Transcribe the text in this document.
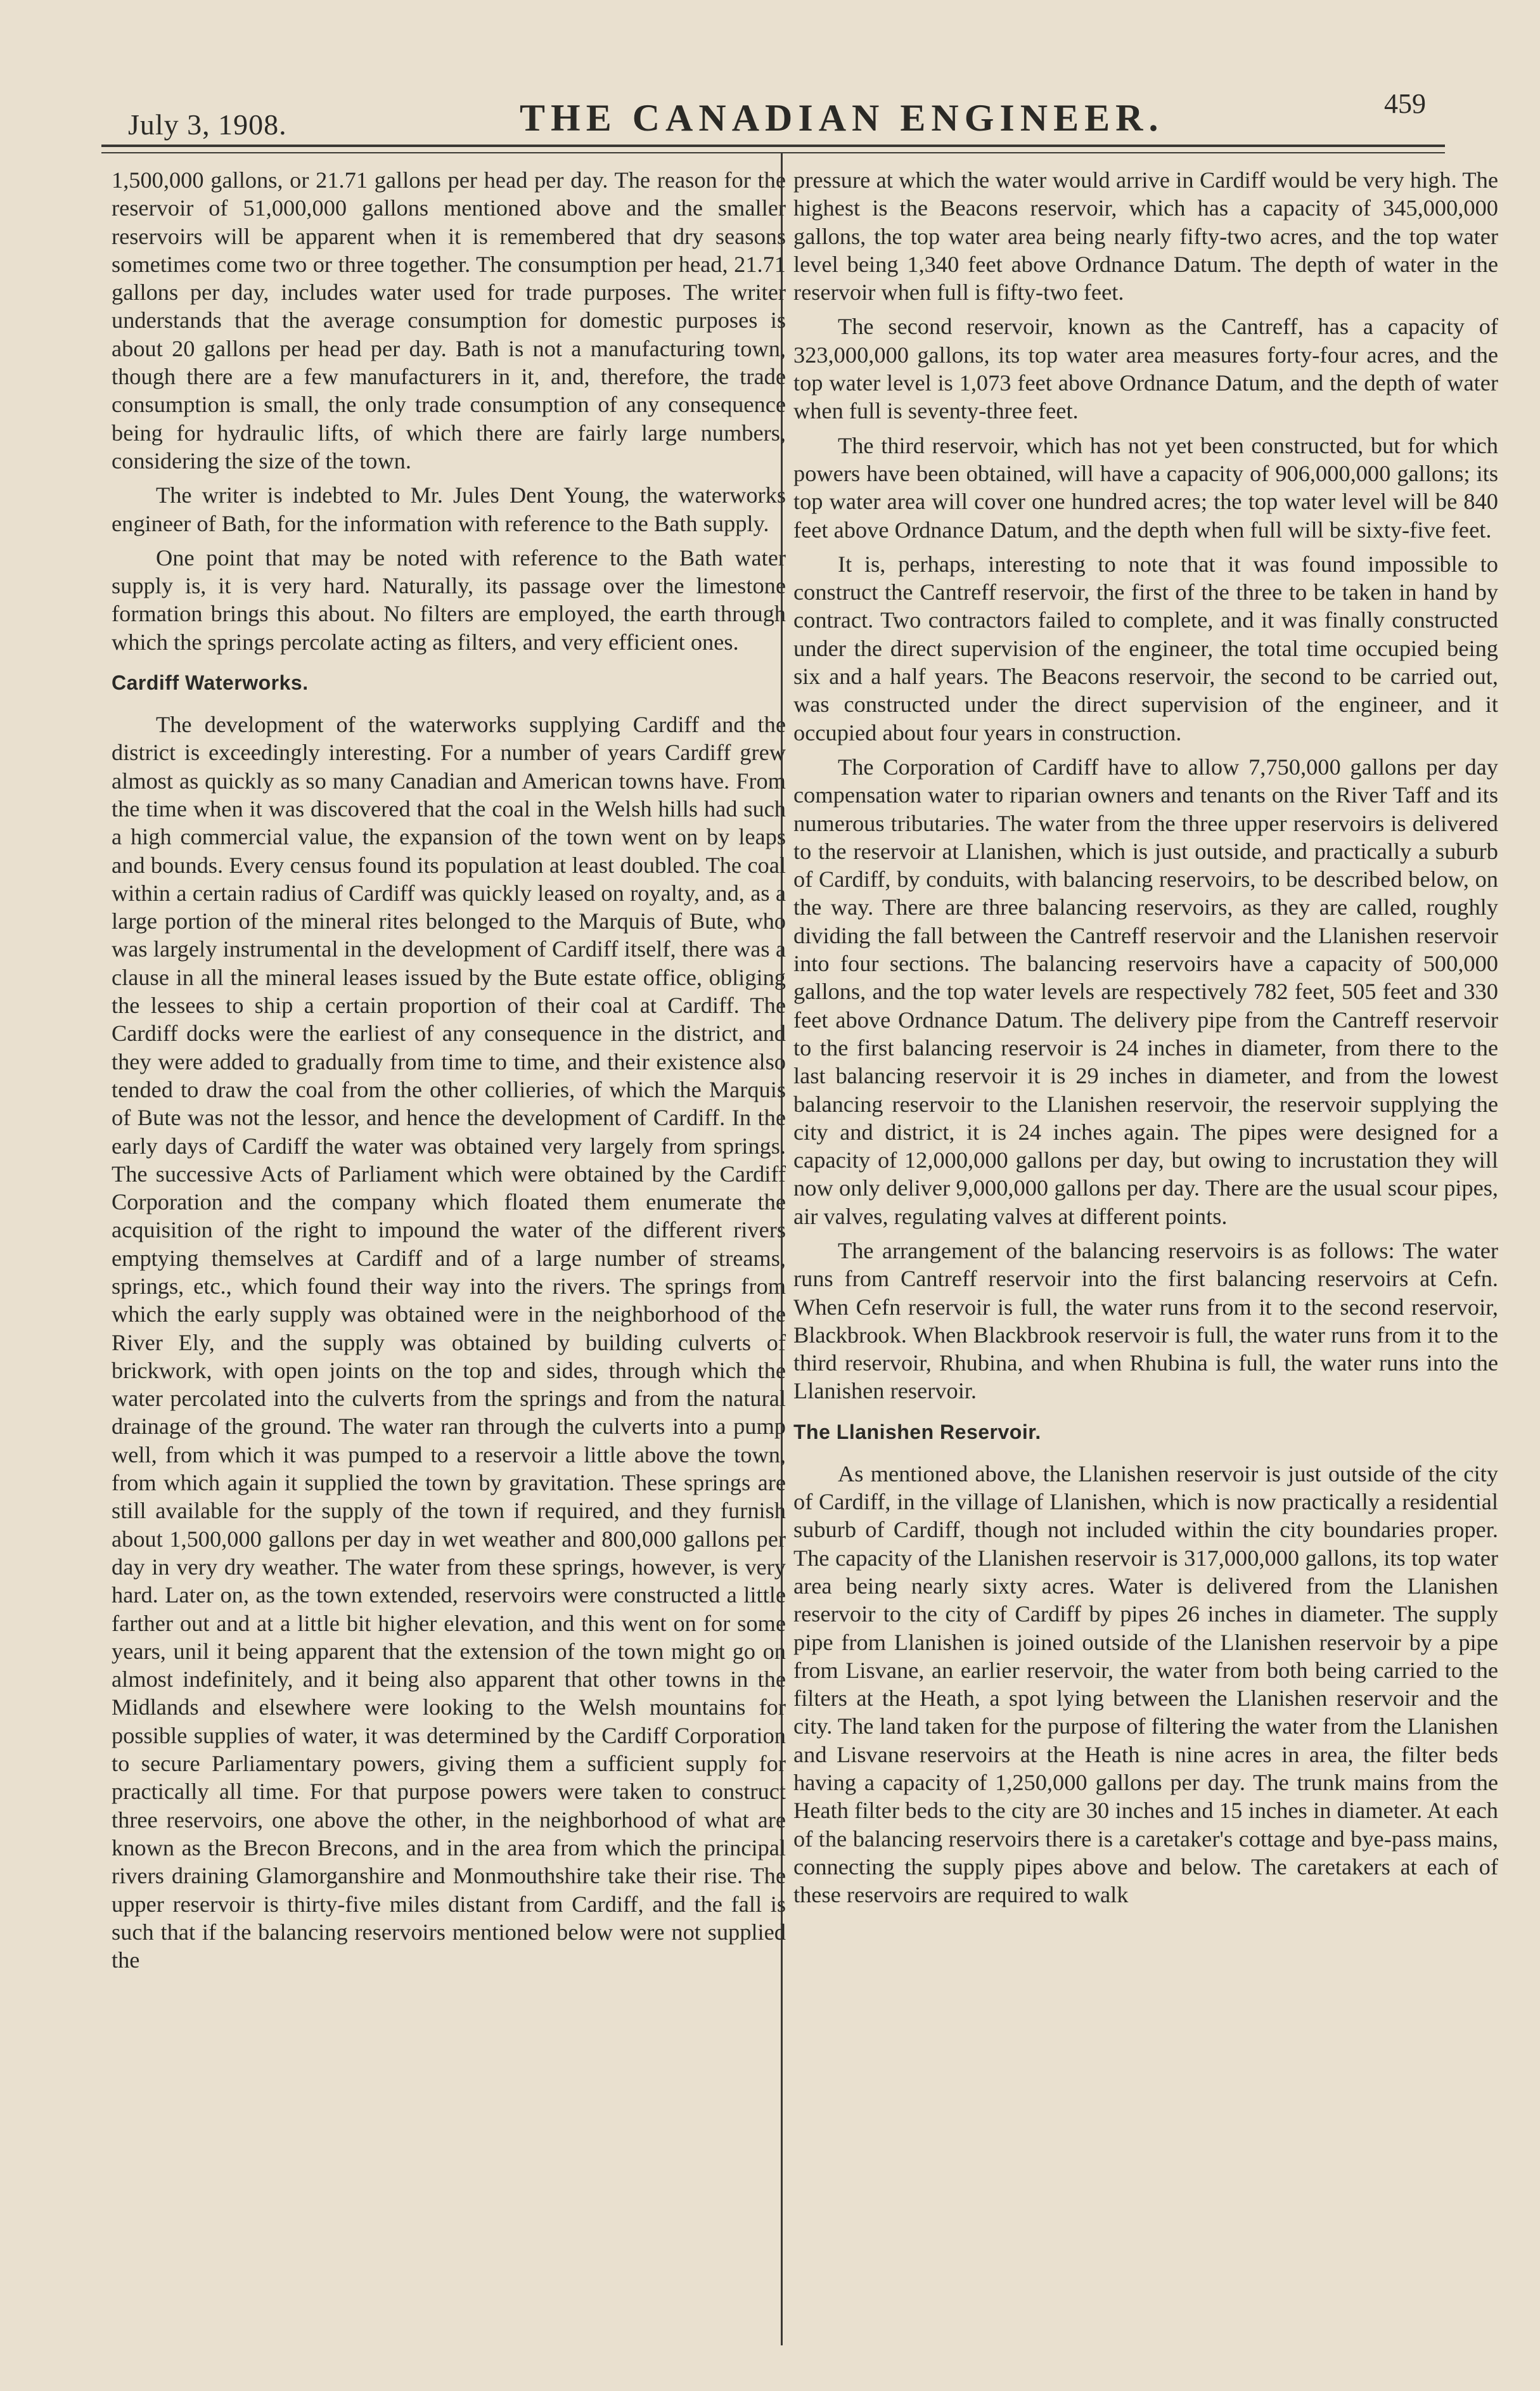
July 3, 1908.	THE CANADIAN ENGINEER.	459

1,500,000 gallons, or 21.71 gallons per head per day. The reason for the reservoir of 51,000,000 gallons mentioned above and the smaller reservoirs will be apparent when it is remembered that dry seasons sometimes come two or three together. The consumption per head, 21.71 gallons per day, includes water used for trade purposes. The writer understands that the average consumption for domestic purposes is about 20 gallons per head per day. Bath is not a manufacturing town, though there are a few manufacturers in it, and, therefore, the trade consumption is small, the only trade consumption of any consequence being for hydraulic lifts, of which there are fairly large numbers, considering the size of the town.

The writer is indebted to Mr. Jules Dent Young, the waterworks engineer of Bath, for the information with reference to the Bath supply.

One point that may be noted with reference to the Bath water supply is, it is very hard. Naturally, its passage over the limestone formation brings this about. No filters are employed, the earth through which the springs percolate acting as filters, and very efficient ones.

Cardiff Waterworks.

The development of the waterworks supplying Cardiff and the district is exceedingly interesting. For a number of years Cardiff grew almost as quickly as so many Canadian and American towns have. From the time when it was discovered that the coal in the Welsh hills had such a high commercial value, the expansion of the town went on by leaps and bounds. Every census found its population at least doubled. The coal within a certain radius of Cardiff was quickly leased on royalty, and, as a large portion of the mineral rites belonged to the Marquis of Bute, who was largely instrumental in the development of Cardiff itself, there was a clause in all the mineral leases issued by the Bute estate office, obliging the lessees to ship a certain proportion of their coal at Cardiff. The Cardiff docks were the earliest of any consequence in the district, and they were added to gradually from time to time, and their existence also tended to draw the coal from the other collieries, of which the Marquis of Bute was not the lessor, and hence the development of Cardiff. In the early days of Cardiff the water was obtained very largely from springs. The successive Acts of Parliament which were obtained by the Cardiff Corporation and the company which floated them enumerate the acquisition of the right to impound the water of the different rivers emptying themselves at Cardiff and of a large number of streams, springs, etc., which found their way into the rivers. The springs from which the early supply was obtained were in the neighborhood of the River Ely, and the supply was obtained by building culverts of brickwork, with open joints on the top and sides, through which the water percolated into the culverts from the springs and from the natural drainage of the ground. The water ran through the culverts into a pump well, from which it was pumped to a reservoir a little above the town, from which again it supplied the town by gravitation. These springs are still available for the supply of the town if required, and they furnish about 1,500,000 gallons per day in wet weather and 800,000 gallons per day in very dry weather. The water from these springs, however, is very hard. Later on, as the town extended, reservoirs were constructed a little farther out and at a little bit higher elevation, and this went on for some years, unil it being apparent that the extension of the town might go on almost indefinitely, and it being also apparent that other towns in the Midlands and elsewhere were looking to the Welsh mountains for possible supplies of water, it was determined by the Cardiff Corporation to secure Parliamentary powers, giving them a sufficient supply for practically all time. For that purpose powers were taken to construct three reservoirs, one above the other, in the neighborhood of what are known as the Brecon Brecons, and in the area from which the principal rivers draining Glamorganshire and Monmouthshire take their rise. The upper reservoir is thirty-five miles distant from Cardiff, and the fall is such that if the balancing reservoirs mentioned below were not supplied the

pressure at which the water would arrive in Cardiff would be very high. The highest is the Beacons reservoir, which has a capacity of 345,000,000 gallons, the top water area being nearly fifty-two acres, and the top water level being 1,340 feet above Ordnance Datum. The depth of water in the reservoir when full is fifty-two feet.

The second reservoir, known as the Cantreff, has a capacity of 323,000,000 gallons, its top water area measures forty-four acres, and the top water level is 1,073 feet above Ordnance Datum, and the depth of water when full is seventy-three feet.

The third reservoir, which has not yet been constructed, but for which powers have been obtained, will have a capacity of 906,000,000 gallons; its top water area will cover one hundred acres; the top water level will be 840 feet above Ordnance Datum, and the depth when full will be sixty-five feet.

It is, perhaps, interesting to note that it was found impossible to construct the Cantreff reservoir, the first of the three to be taken in hand by contract. Two contractors failed to complete, and it was finally constructed under the direct supervision of the engineer, the total time occupied being six and a half years. The Beacons reservoir, the second to be carried out, was constructed under the direct supervision of the engineer, and it occupied about four years in construction.

The Corporation of Cardiff have to allow 7,750,000 gallons per day compensation water to riparian owners and tenants on the River Taff and its numerous tributaries. The water from the three upper reservoirs is delivered to the reservoir at Llanishen, which is just outside, and practically a suburb of Cardiff, by conduits, with balancing reservoirs, to be described below, on the way. There are three balancing reservoirs, as they are called, roughly dividing the fall between the Cantreff reservoir and the Llanishen reservoir into four sections. The balancing reservoirs have a capacity of 500,000 gallons, and the top water levels are respectively 782 feet, 505 feet and 330 feet above Ordnance Datum. The delivery pipe from the Cantreff reservoir to the first balancing reservoir is 24 inches in diameter, from there to the last balancing reservoir it is 29 inches in diameter, and from the lowest balancing reservoir to the Llanishen reservoir, the reservoir supplying the city and district, it is 24 inches again. The pipes were designed for a capacity of 12,000,000 gallons per day, but owing to incrustation they will now only deliver 9,000,000 gallons per day. There are the usual scour pipes, air valves, regulating valves at different points.

The arrangement of the balancing reservoirs is as follows: The water runs from Cantreff reservoir into the first balancing reservoirs at Cefn. When Cefn reservoir is full, the water runs from it to the second reservoir, Blackbrook. When Blackbrook reservoir is full, the water runs from it to the third reservoir, Rhubina, and when Rhubina is full, the water runs into the Llanishen reservoir.

The Llanishen Reservoir.

As mentioned above, the Llanishen reservoir is just outside of the city of Cardiff, in the village of Llanishen, which is now practically a residential suburb of Cardiff, though not included within the city boundaries proper. The capacity of the Llanishen reservoir is 317,000,000 gallons, its top water area being nearly sixty acres. Water is delivered from the Llanishen reservoir to the city of Cardiff by pipes 26 inches in diameter. The supply pipe from Llanishen is joined outside of the Llanishen reservoir by a pipe from Lisvane, an earlier reservoir, the water from both being carried to the filters at the Heath, a spot lying between the Llanishen reservoir and the city. The land taken for the purpose of filtering the water from the Llanishen and Lisvane reservoirs at the Heath is nine acres in area, the filter beds having a capacity of 1,250,000 gallons per day. The trunk mains from the Heath filter beds to the city are 30 inches and 15 inches in diameter. At each of the balancing reservoirs there is a caretaker's cottage and bye-pass mains, connecting the supply pipes above and below. The caretakers at each of these reservoirs are required to walk
